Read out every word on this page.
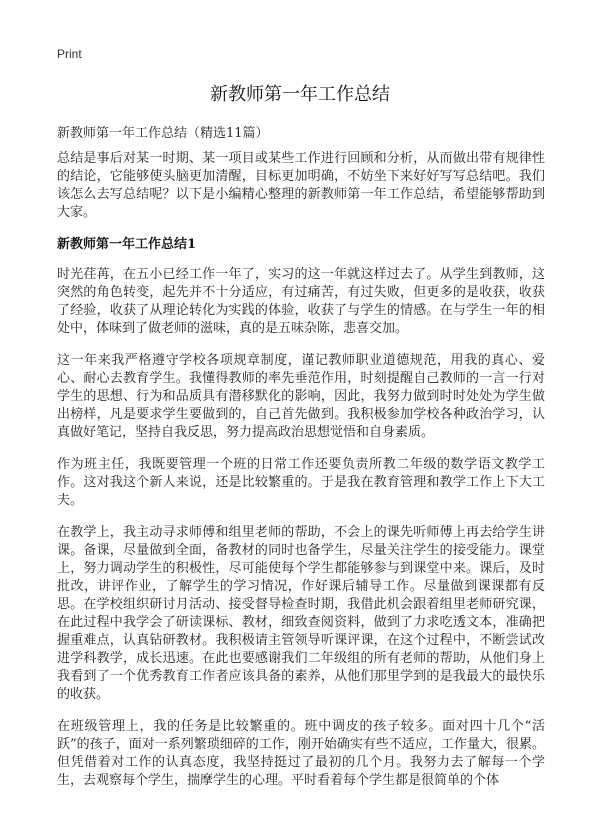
Print
新教师第一年工作总结
新教师第一年工作总结（精选11篇）

总结是事后对某一时期、某一项目或某些工作进行回顾和分析，从而做出带有规律性的结论，它能够使头脑更加清醒，目标更加明确，不妨坐下来好好写写总结吧。我们该怎么去写总结呢？以下是小编精心整理的新教师第一年工作总结，希望能够帮助到大家。

新教师第一年工作总结1

时光荏苒，在五小已经工作一年了，实习的这一年就这样过去了。从学生到教师，这突然的角色转变，起先并不十分适应，有过痛苦，有过失败，但更多的是收获，收获了经验，收获了从理论转化为实践的体验，收获了与学生的情感。在与学生一年的相处中，体味到了做老师的滋味，真的是五味杂陈，悲喜交加。

这一年来我严格遵守学校各项规章制度，谨记教师职业道德规范，用我的真心、爱心、耐心去教育学生。我懂得教师的率先垂范作用，时刻提醒自己教师的一言一行对学生的思想、行为和品质具有潜移默化的影响，因此，我努力做到时时处处为学生做出榜样，凡是要求学生要做到的，自己首先做到。我积极参加学校各种政治学习，认真做好笔记，坚持自我反思，努力提高政治思想觉悟和自身素质。

作为班主任，我既要管理一个班的日常工作还要负责所教二年级的数学语文教学工作。这对我这个新人来说，还是比较繁重的。于是我在教育管理和教学工作上下大工夫。

在教学上，我主动寻求师傅和组里老师的帮助，不会上的课先听师傅上再去给学生讲课。备课，尽量做到全面，备教材的同时也备学生，尽量关注学生的接受能力。课堂上，努力调动学生的积极性，尽可能使每个学生都能够参与到课堂中来。课后，及时批改，讲评作业，了解学生的学习情况，作好课后辅导工作。尽量做到课课都有反思。在学校组织研讨月活动、接受督导检查时期，我借此机会跟着组里老师研究课，在此过程中我学会了研读课标、教材，细致查阅资料，做到了力求吃透文本，准确把握重难点，认真钻研教材。我积极请主管领导听课评课，在这个过程中，不断尝试改进学科教学，成长迅速。在此也要感谢我们二年级组的所有老师的帮助，从他们身上我看到了一个优秀教育工作者应该具备的素养，从他们那里学到的是我最大的最快乐的收获。

在班级管理上，我的任务是比较繁重的。班中调皮的孩子较多。面对四十几个“活跃”的孩子，面对一系列繁琐细碎的工作，刚开始确实有些不适应，工作量大，很累。但凭借着对工作的认真态度，我坚持挺过了最初的几个月。我努力去了解每一个学生，去观察每个学生，揣摩学生的心理。平时看着每个学生都是很简单的个体
